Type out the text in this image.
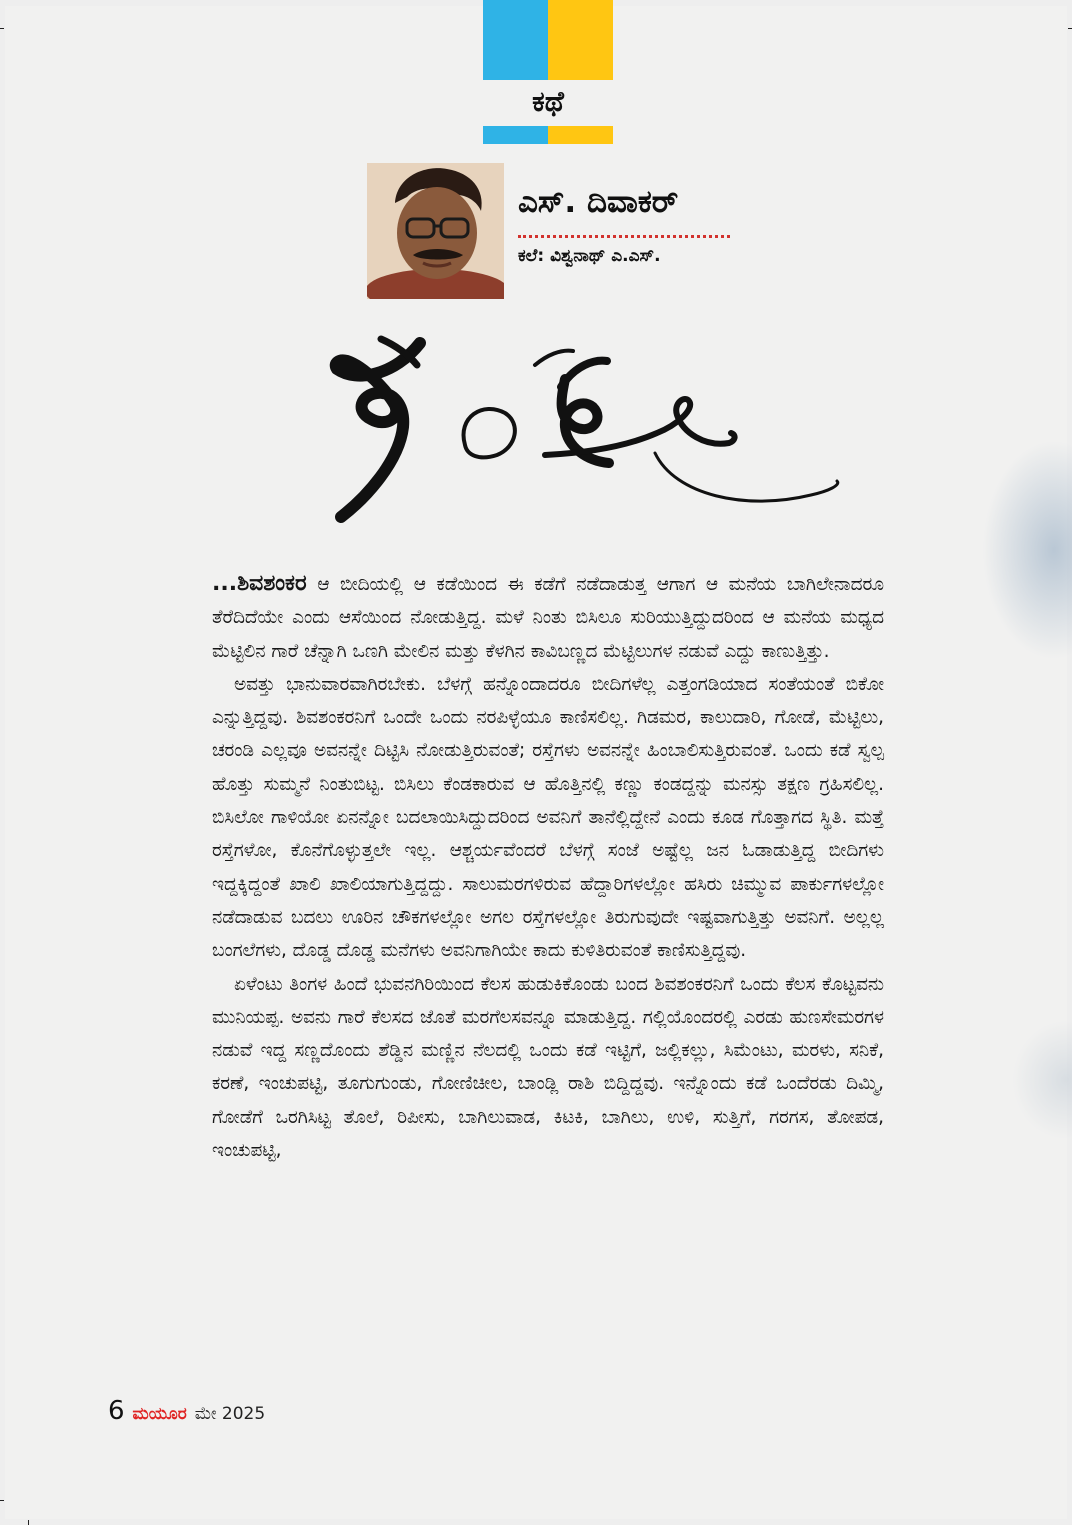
ಕಥೆ
ಎಸ್‌. ದಿವಾಕರ್
ಕಲೆ: ವಿಶ್ವನಾಥ್ ಎ.ಎಸ್.

...ಶಿವಶಂಕರ ಆ ಬೀದಿಯಲ್ಲಿ ಆ ಕಡೆಯಿಂದ ಈ ಕಡೆಗೆ ನಡೆದಾಡುತ್ತ ಆಗಾಗ ಆ ಮನೆಯ ಬಾಗಿಲೇನಾದರೂ ತೆರೆದಿದೆಯೇ ಎಂದು ಆಸೆಯಿಂದ ನೋಡುತ್ತಿದ್ದ. ಮಳೆ ನಿಂತು ಬಿಸಿಲೂ ಸುರಿಯುತ್ತಿದ್ದುದರಿಂದ ಆ ಮನೆಯ ಮಧ್ಯದ ಮೆಟ್ಟಿಲಿನ ಗಾರೆ ಚೆನ್ನಾಗಿ ಒಣಗಿ ಮೇಲಿನ ಮತ್ತು ಕೆಳಗಿನ ಕಾವಿಬಣ್ಣದ ಮೆಟ್ಟಿಲುಗಳ ನಡುವೆ ಎದ್ದು ಕಾಣುತ್ತಿತ್ತು.

ಅವತ್ತು ಭಾನುವಾರವಾಗಿರಬೇಕು. ಬೆಳಗ್ಗೆ ಹನ್ನೊಂದಾದರೂ ಬೀದಿಗಳೆಲ್ಲ ಎತ್ತಂಗಡಿಯಾದ ಸಂತೆಯಂತೆ ಬಿಕೋ ಎನ್ನುತ್ತಿದ್ದವು. ಶಿವಶಂಕರನಿಗೆ ಒಂದೇ ಒಂದು ನರಪಿಳ್ಳೆಯೂ ಕಾಣಿಸಲಿಲ್ಲ. ಗಿಡಮರ, ಕಾಲುದಾರಿ, ಗೋಡೆ, ಮೆಟ್ಟಿಲು, ಚರಂಡಿ ಎಲ್ಲವೂ ಅವನನ್ನೇ ದಿಟ್ಟಿಸಿ ನೋಡುತ್ತಿರುವಂತೆ; ರಸ್ತೆಗಳು ಅವನನ್ನೇ ಹಿಂಬಾಲಿಸುತ್ತಿರುವಂತೆ. ಒಂದು ಕಡೆ ಸ್ವಲ್ಪ ಹೊತ್ತು ಸುಮ್ಮನೆ ನಿಂತುಬಿಟ್ಟ. ಬಿಸಿಲು ಕೆಂಡಕಾರುವ ಆ ಹೊತ್ತಿನಲ್ಲಿ ಕಣ್ಣು ಕಂಡದ್ದನ್ನು ಮನಸ್ಸು ತಕ್ಷಣ ಗ್ರಹಿಸಲಿಲ್ಲ. ಬಿಸಿಲೋ ಗಾಳಿಯೋ ಏನನ್ನೋ ಬದಲಾಯಿಸಿದ್ದುದರಿಂದ ಅವನಿಗೆ ತಾನೆಲ್ಲಿದ್ದೇನೆ ಎಂದು ಕೂಡ ಗೊತ್ತಾಗದ ಸ್ಥಿತಿ. ಮತ್ತೆ ರಸ್ತೆಗಳೋ, ಕೊನೆಗೊಳ್ಳುತ್ತಲೇ ಇಲ್ಲ. ಆಶ್ಚರ್ಯವೆಂದರೆ ಬೆಳಗ್ಗೆ ಸಂಜೆ ಅಷ್ಟೆಲ್ಲ ಜನ ಓಡಾಡುತ್ತಿದ್ದ ಬೀದಿಗಳು ಇದ್ದಕ್ಕಿದ್ದಂತೆ ಖಾಲಿ ಖಾಲಿಯಾಗುತ್ತಿದ್ದದ್ದು. ಸಾಲುಮರಗಳಿರುವ ಹೆದ್ದಾರಿಗಳಲ್ಲೋ ಹಸಿರು ಚಿಮ್ಮುವ ಪಾರ್ಕುಗಳಲ್ಲೋ ನಡೆದಾಡುವ ಬದಲು ಊರಿನ ಚೌಕಗಳಲ್ಲೋ ಅಗಲ ರಸ್ತೆಗಳಲ್ಲೋ ತಿರುಗುವುದೇ ಇಷ್ಟವಾಗುತ್ತಿತ್ತು ಅವನಿಗೆ. ಅಲ್ಲಲ್ಲ ಬಂಗಲೆಗಳು, ದೊಡ್ಡ ದೊಡ್ಡ ಮನೆಗಳು ಅವನಿಗಾಗಿಯೇ ಕಾದು ಕುಳಿತಿರುವಂತೆ ಕಾಣಿಸುತ್ತಿದ್ದವು.

ಏಳೆಂಟು ತಿಂಗಳ ಹಿಂದೆ ಭುವನಗಿರಿಯಿಂದ ಕೆಲಸ ಹುಡುಕಿಕೊಂಡು ಬಂದ ಶಿವಶಂಕರನಿಗೆ ಒಂದು ಕೆಲಸ ಕೊಟ್ಟವನು ಮುನಿಯಪ್ಪ. ಅವನು ಗಾರೆ ಕೆಲಸದ ಜೊತೆ ಮರಗೆಲಸವನ್ನೂ ಮಾಡುತ್ತಿದ್ದ. ಗಲ್ಲಿಯೊಂದರಲ್ಲಿ ಎರಡು ಹುಣಸೇಮರಗಳ ನಡುವೆ ಇದ್ದ ಸಣ್ಣದೊಂದು ಶೆಡ್ಡಿನ ಮಣ್ಣಿನ ನೆಲದಲ್ಲಿ ಒಂದು ಕಡೆ ಇಟ್ಟಿಗೆ, ಜಲ್ಲಿಕಲ್ಲು, ಸಿಮೆಂಟು, ಮರಳು, ಸನಿಕೆ, ಕರಣೆ, ಇಂಚುಪಟ್ಟಿ, ತೂಗುಗುಂಡು, ಗೋಣಿಚೀಲ, ಬಾಂಡ್ಲಿ ರಾಶಿ ಬಿದ್ದಿದ್ದವು. ಇನ್ನೊಂದು ಕಡೆ ಒಂದೆರಡು ದಿಮ್ಮಿ, ಗೋಡೆಗೆ ಒರಗಿಸಿಟ್ಟ ತೊಲೆ, ರಿಪೀಸು, ಬಾಗಿಲುವಾಡ, ಕಿಟಕಿ, ಬಾಗಿಲು, ಉಳಿ, ಸುತ್ತಿಗೆ, ಗರಗಸ, ತೋಪಡ, ಇಂಚುಪಟ್ಟಿ,

6 ಮಯೂರ ಮೇ 2025
